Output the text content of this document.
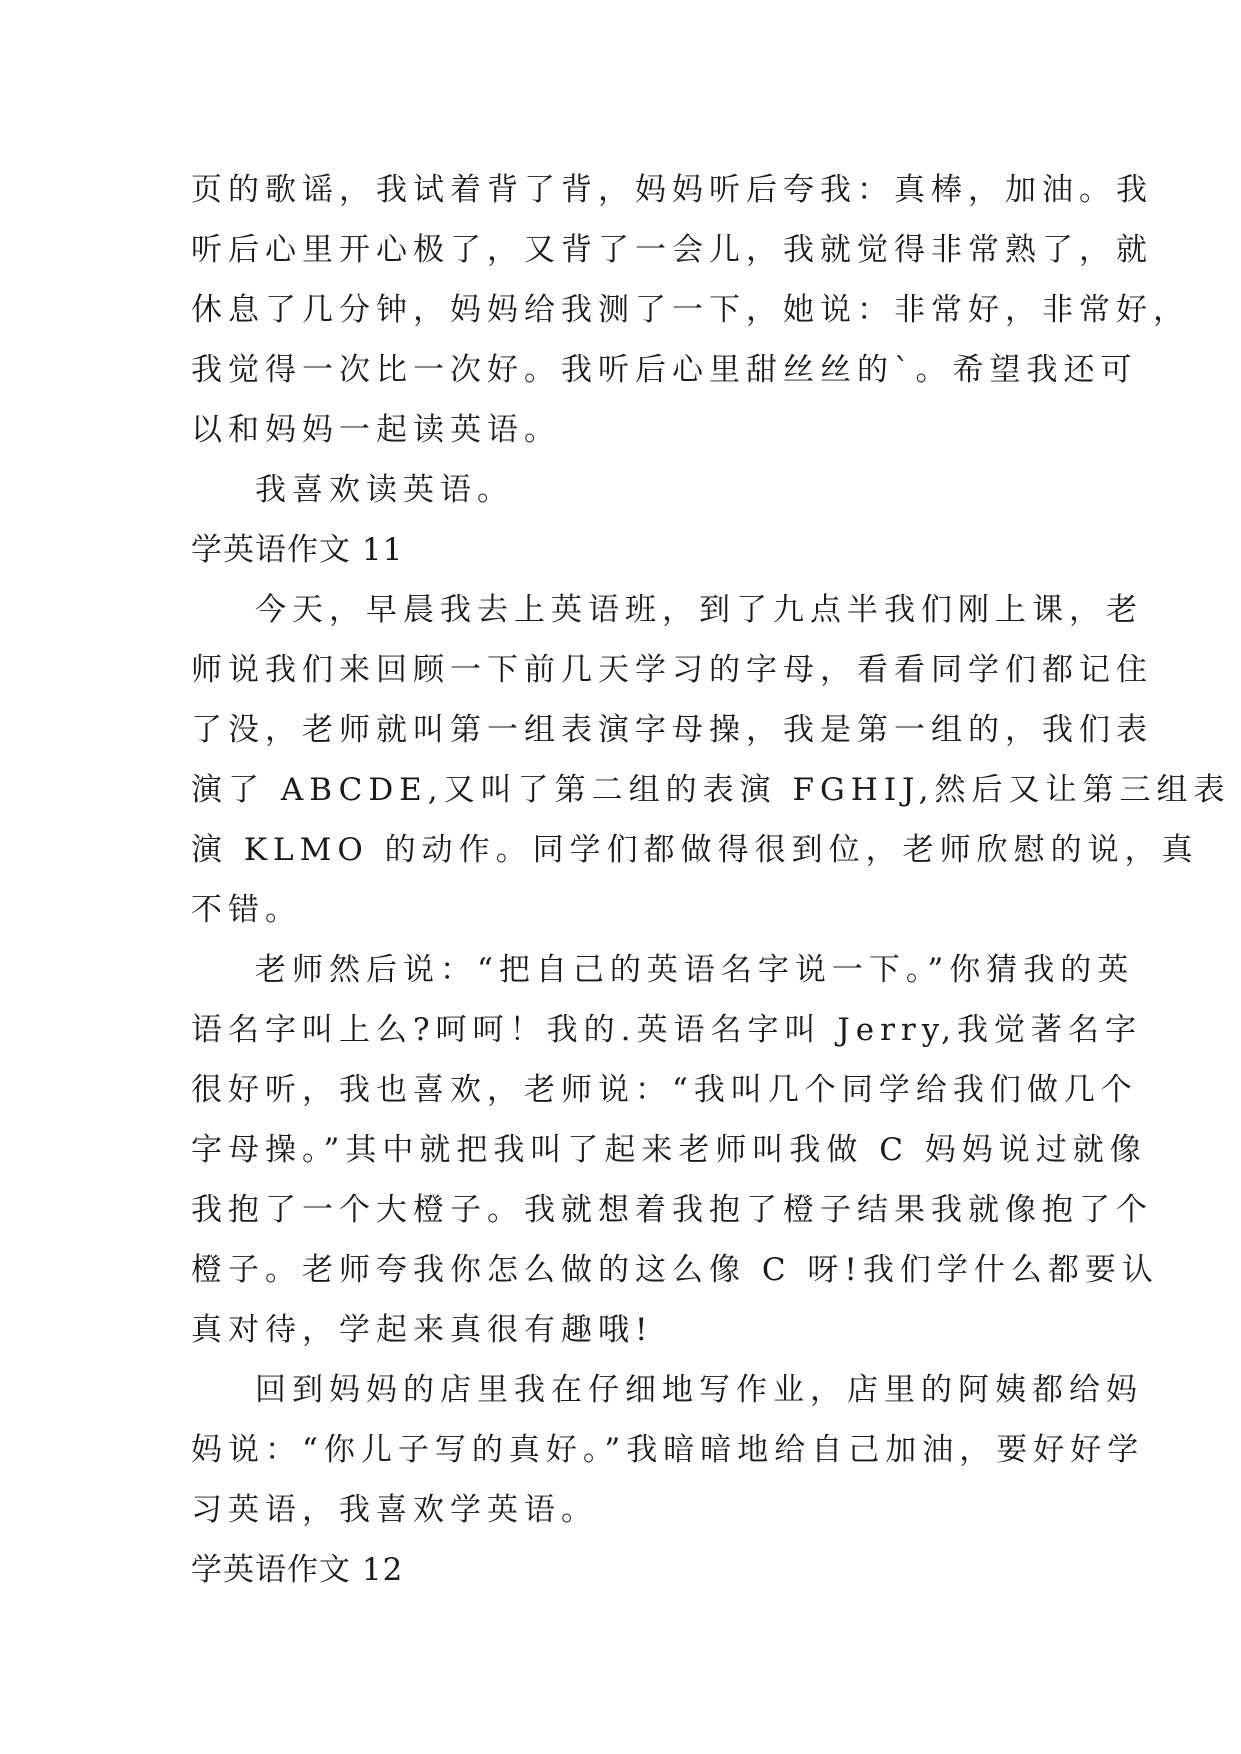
页的歌谣，我试着背了背，妈妈听后夸我：真棒，加油。我
听后心里开心极了，又背了一会儿，我就觉得非常熟了，就
休息了几分钟，妈妈给我测了一下，她说：非常好，非常好，
我觉得一次比一次好。我听后心里甜丝丝的`。希望我还可
以和妈妈一起读英语。
我喜欢读英语。
学英语作文 11
今天，早晨我去上英语班，到了九点半我们刚上课，老
师说我们来回顾一下前几天学习的字母，看看同学们都记住
了没，老师就叫第一组表演字母操，我是第一组的，我们表
演了 ABCDE,又叫了第二组的表演 FGHIJ,然后又让第三组表
演 KLMO 的动作。同学们都做得很到位，老师欣慰的说，真
不错。
老师然后说：“把自己的英语名字说一下。”你猜我的英
语名字叫上么?呵呵！我的.英语名字叫 Jerry,我觉著名字
很好听，我也喜欢，老师说：“我叫几个同学给我们做几个
字母操。”其中就把我叫了起来老师叫我做 C 妈妈说过就像
我抱了一个大橙子。我就想着我抱了橙子结果我就像抱了个
橙子。老师夸我你怎么做的这么像 C 呀!我们学什么都要认
真对待，学起来真很有趣哦!
回到妈妈的店里我在仔细地写作业，店里的阿姨都给妈
妈说：“你儿子写的真好。”我暗暗地给自己加油，要好好学
习英语，我喜欢学英语。
学英语作文 12
